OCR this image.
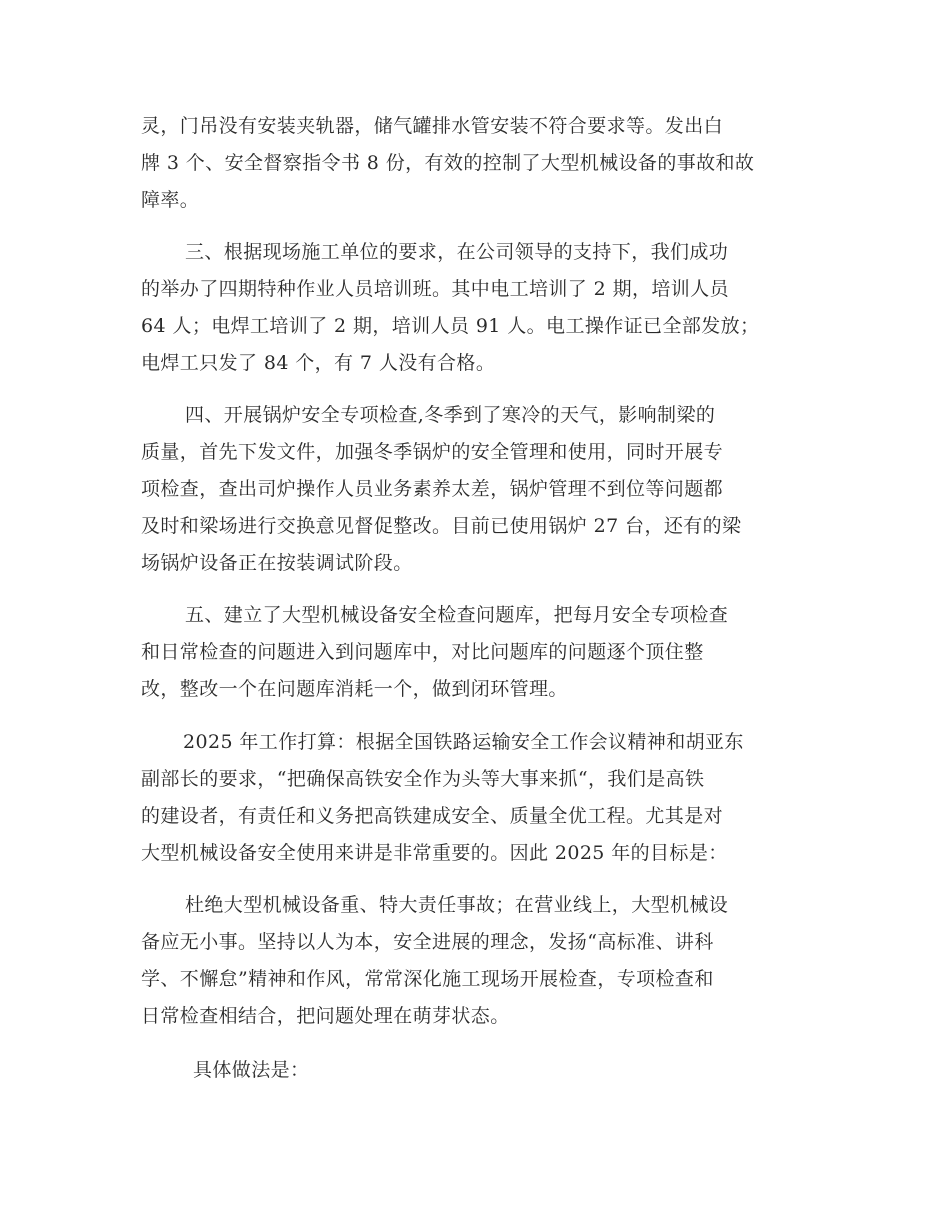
灵，门吊没有安装夹轨器，储气罐排水管安装不符合要求等。发出白
牌 3 个、安全督察指令书 8 份，有效的控制了大型机械设备的事故和故
障率。
三、根据现场施工单位的要求，在公司领导的支持下，我们成功
的举办了四期特种作业人员培训班。其中电工培训了 2 期，培训人员
64 人；电焊工培训了 2 期，培训人员 91 人。电工操作证已全部发放；
电焊工只发了 84 个，有 7 人没有合格。
四、开展锅炉安全专项检查,冬季到了寒冷的天气，影响制梁的
质量，首先下发文件，加强冬季锅炉的安全管理和使用，同时开展专
项检查，查出司炉操作人员业务素养太差，锅炉管理不到位等问题都
及时和梁场进行交换意见督促整改。目前已使用锅炉 27 台，还有的梁
场锅炉设备正在按装调试阶段。
五、建立了大型机械设备安全检查问题库，把每月安全专项检查
和日常检查的问题进入到问题库中，对比问题库的问题逐个顶住整
改，整改一个在问题库消耗一个，做到闭环管理。
2025 年工作打算：根据全国铁路运输安全工作会议精神和胡亚东
副部长的要求，“把确保高铁安全作为头等大事来抓“，我们是高铁
的建设者，有责任和义务把高铁建成安全、质量全优工程。尤其是对
大型机械设备安全使用来讲是非常重要的。因此 2025 年的目标是：
杜绝大型机械设备重、特大责任事故；在营业线上，大型机械设
备应无小事。坚持以人为本，安全进展的理念，发扬“高标准、讲科
学、不懈怠”精神和作风，常常深化施工现场开展检查，专项检查和
日常检查相结合，把问题处理在萌芽状态。
具体做法是：
